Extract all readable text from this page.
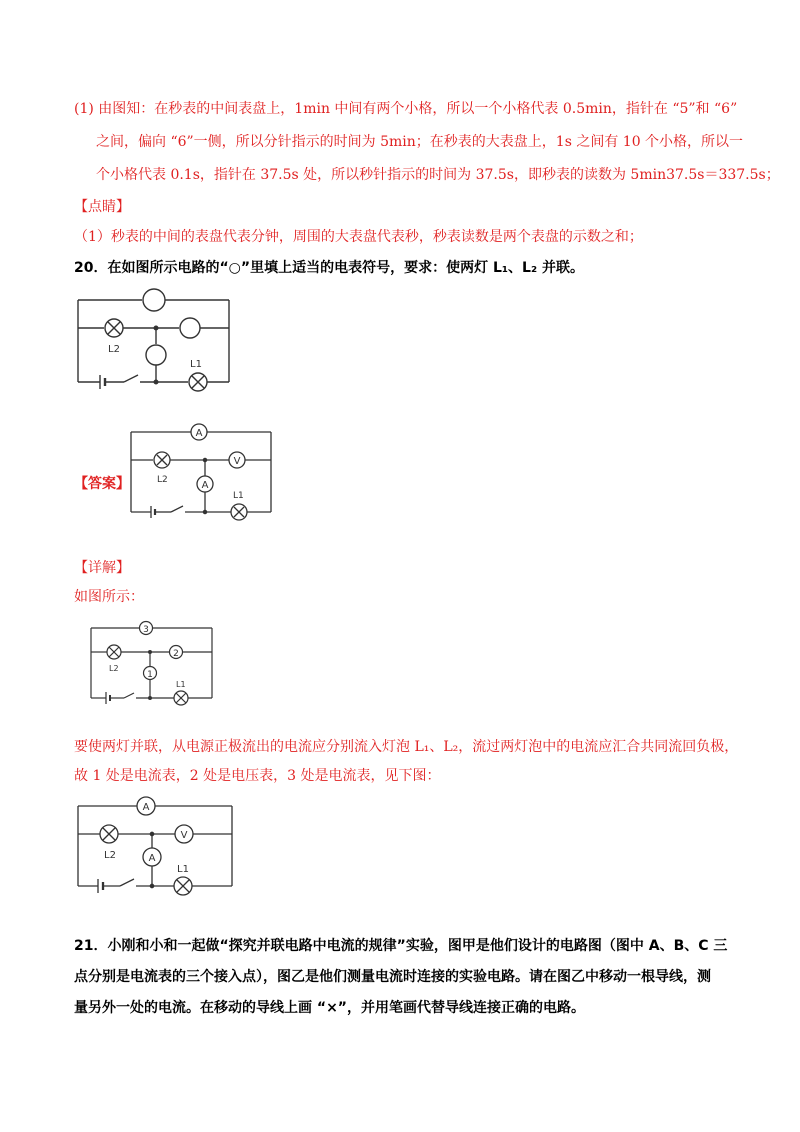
(1) 由图知：在秒表的中间表盘上，1min 中间有两个小格，所以一个小格代表 0.5min，指针在 “5”和 “6”
之间，偏向 “6”一侧，所以分针指示的时间为 5min；在秒表的大表盘上，1s 之间有 10 个小格，所以一
个小格代表 0.1s，指针在 37.5s 处，所以秒针指示的时间为 37.5s，即秒表的读数为 5min37.5s＝337.5s；
【点睛】
（1）秒表的中间的表盘代表分钟，周围的大表盘代表秒，秒表读数是两个表盘的示数之和；
20．在如图所示电路的“○”里填上适当的电表符号，要求：使两灯 L₁、L₂ 并联。
L2
L1
【答案】
A
V
A
L2
L1
【详解】
如图所示：
3
2
1
L2
L1
要使两灯并联，从电源正极流出的电流应分别流入灯泡 L₁、L₂，流过两灯泡中的电流应汇合共同流回负极，
故 1 处是电流表，2 处是电压表，3 处是电流表，见下图：
A
V
A
L2
L1
21．小刚和小和一起做“探究并联电路中电流的规律”实验，图甲是他们设计的电路图（图中 A、B、C 三
点分别是电流表的三个接入点），图乙是他们测量电流时连接的实验电路。请在图乙中移动一根导线，测
量另外一处的电流。在移动的导线上画 “×”，并用笔画代替导线连接正确的电路。
